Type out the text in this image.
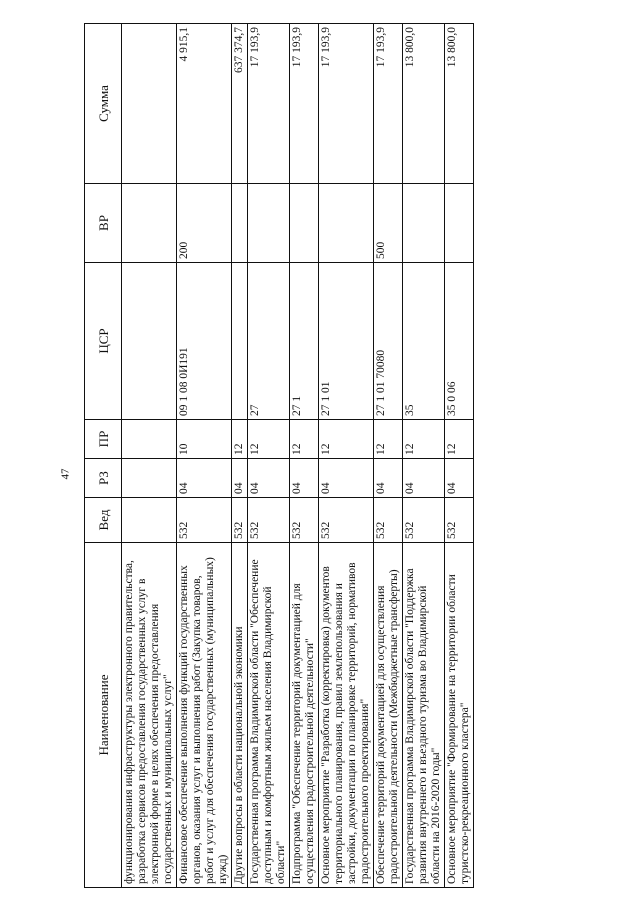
47
Наименование	Вед	РЗ	ПР	ЦСР	ВР	Сумма
функционирования инфраструктуры электронного правительства, разработка сервисов предоставления государственных услуг в электронной форме в целях обеспечения предоставления государственных и муниципальных услуг"						
Финансовое обеспечение выполнения функций государственных органов, оказания услуг и выполнения работ (Закупка товаров, работ и услуг для обеспечения государственных (муниципальных) нужд)	532	04	10	09 1 08 0И191	200	4 915,1
Другие вопросы в области национальной экономики	532	04	12			637 374,7
Государственная программа Владимирской области "Обеспечение доступным и комфортным жильем населения Владимирской области"	532	04	12	27		17 193,9
Подпрограмма "Обеспечение территорий документацией для осуществления градостроительной деятельности"	532	04	12	27 1		17 193,9
Основное мероприятие "Разработка (корректировка) документов территориального планирования, правил землепользования и застройки, документации по планировке территорий, нормативов градостроительного проектирования"	532	04	12	27 1 01		17 193,9
Обеспечение территорий документацией для осуществления градостроительной деятельности (Межбюджетные трансферты)	532	04	12	27 1 01 70080	500	17 193,9
Государственная программа Владимирской области "Поддержка развития внутреннего и въездного туризма во Владимирской области на 2016-2020 годы"	532	04	12	35		13 800,0
Основное мероприятие "Формирование на территории области туристско-рекреационного кластера"	532	04	12	35 0 06		13 800,0
